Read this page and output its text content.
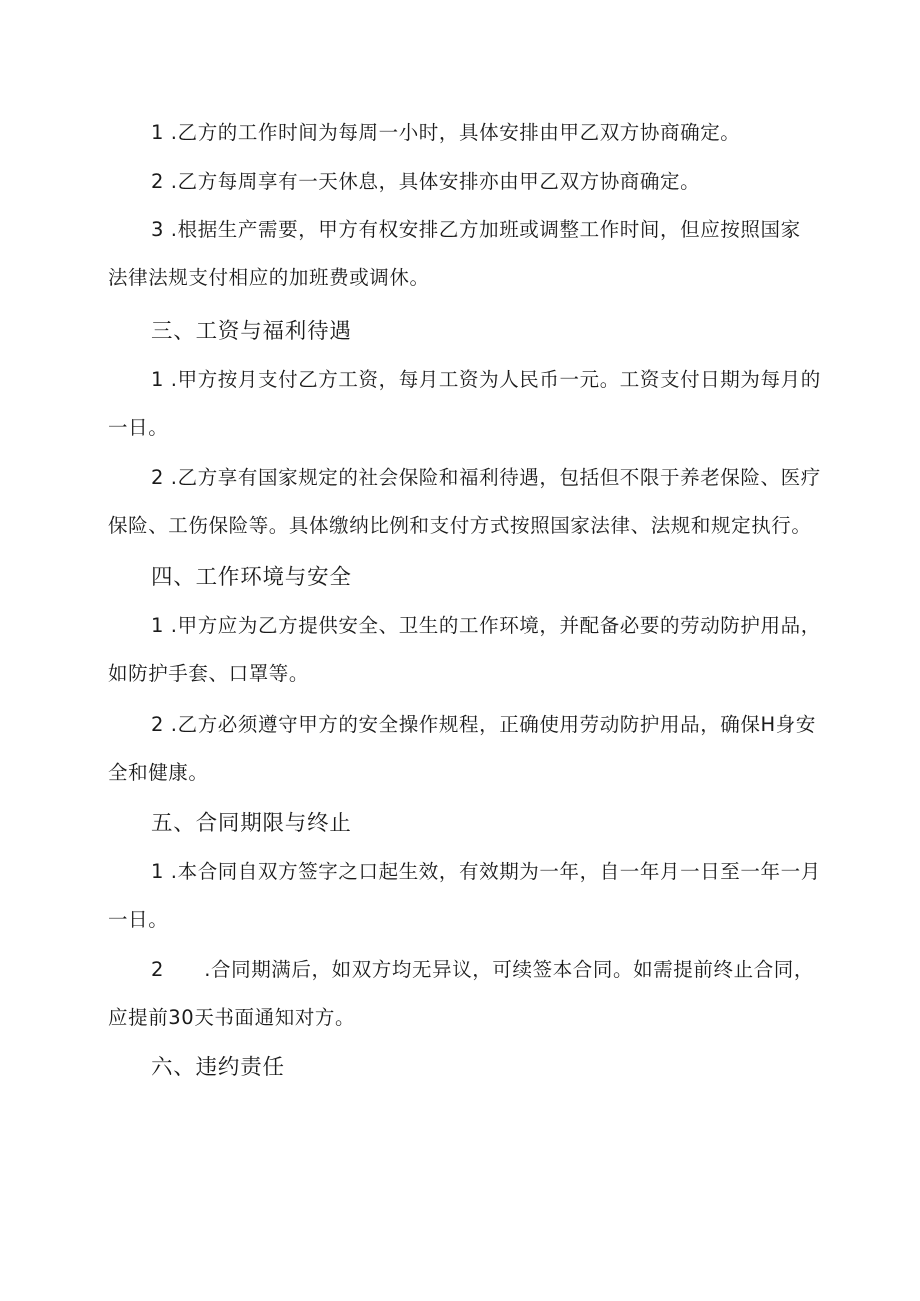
1 .乙方的工作时间为每周一小时，具体安排由甲乙双方协商确定。

2 .乙方每周享有一天休息，具体安排亦由甲乙双方协商确定。

3 .根据生产需要，甲方有权安排乙方加班或调整工作时间，但应按照国家
法律法规支付相应的加班费或调休。

三、工资与福利待遇

1 .甲方按月支付乙方工资，每月工资为人民币一元。工资支付日期为每月的
一日。

2 .乙方享有国家规定的社会保险和福利待遇，包括但不限于养老保险、医疗
保险、工伤保险等。具体缴纳比例和支付方式按照国家法律、法规和规定执行。

四、工作环境与安全

1 .甲方应为乙方提供安全、卫生的工作环境，并配备必要的劳动防护用品，
如防护手套、口罩等。

2 .乙方必须遵守甲方的安全操作规程，正确使用劳动防护用品，确保H身安
全和健康。

五、合同期限与终止

1 .本合同自双方签字之口起生效，有效期为一年，自一年月一日至一年一月
一日。

2　　.合同期满后，如双方均无异议，可续签本合同。如需提前终止合同，
应提前30天书面通知对方。

六、违约责任
